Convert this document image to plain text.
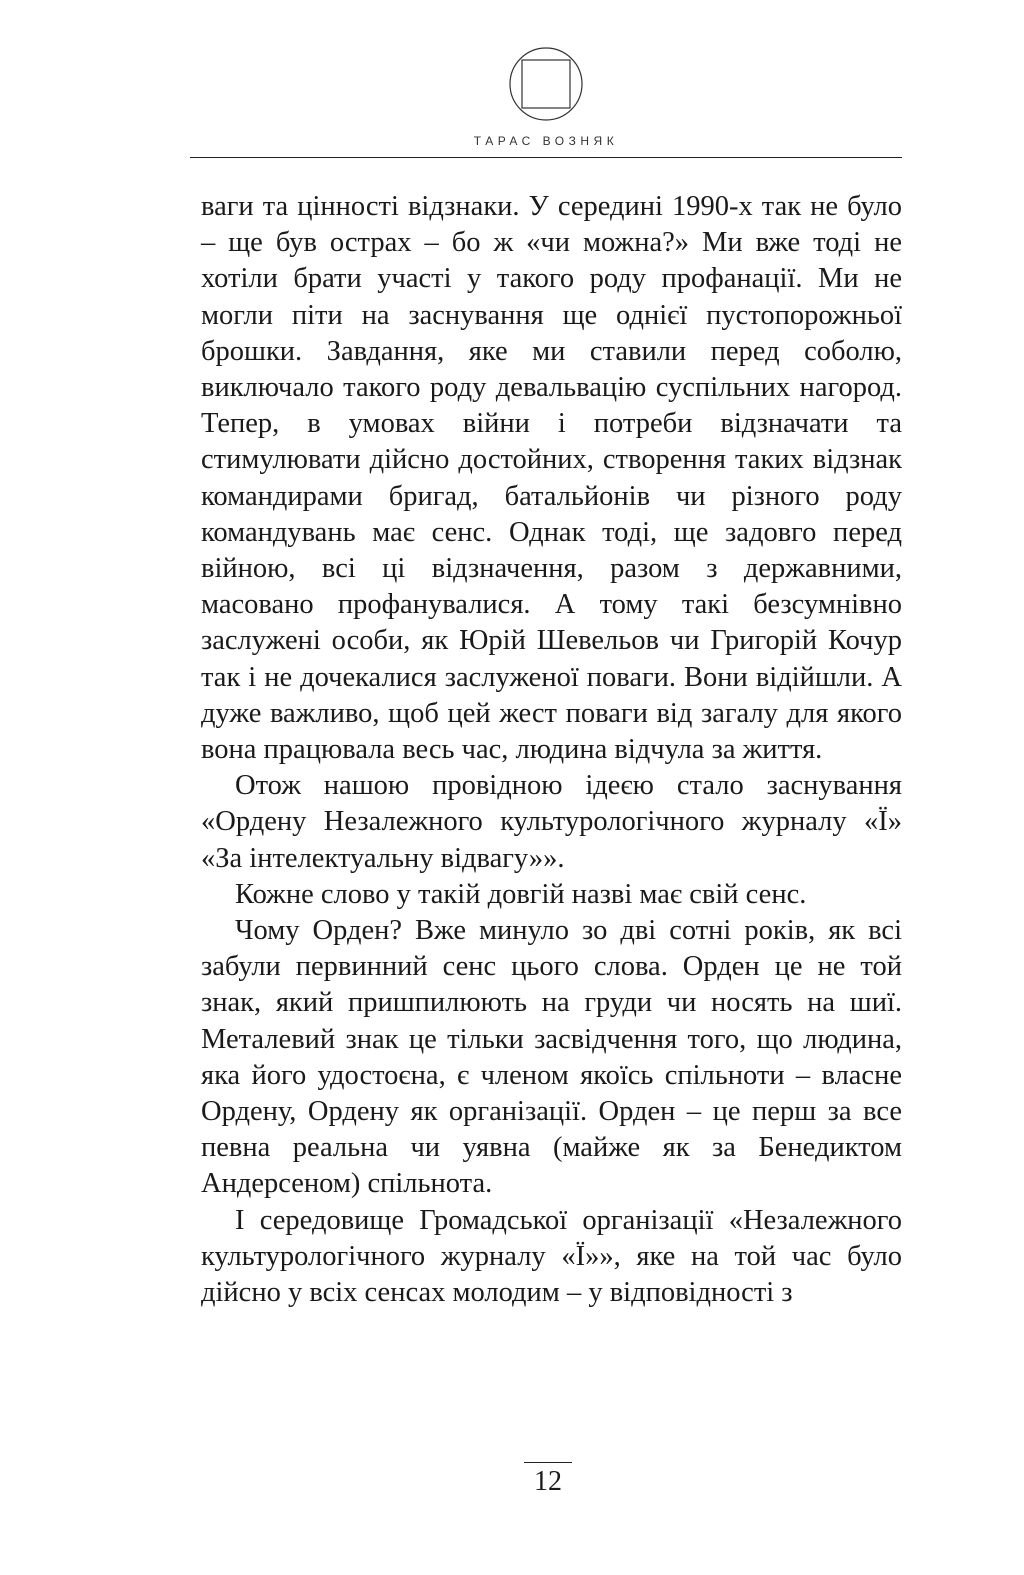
ТАРАС ВОЗНЯК

ваги та цінності відзнаки. У середині 1990-х так не було – ще був острах – бо ж «чи можна?» Ми вже тоді не хотіли брати участі у такого роду профанації. Ми не могли піти на заснування ще однієї пустопорожньої брошки. Завдання, яке ми ставили перед соболю, виключало такого роду девальвацію суспільних нагород. Тепер, в умовах війни і потреби відзначати та стимулювати дійсно достойних, створення таких відзнак командирами бригад, батальйонів чи різного роду командувань має сенс. Однак тоді, ще задовго перед війною, всі ці відзначення, разом з державними, масовано профанувалися. А тому такі безсумнівно заслужені особи, як Юрій Шевельов чи Григорій Кочур так і не дочекалися заслуженої поваги. Вони відійшли. А дуже важливо, щоб цей жест поваги від загалу для якого вона працювала весь час, людина відчула за життя.

Отож нашою провідною ідеєю стало заснування «Ордену Незалежного культурологічного журналу «Ї» «За інтелектуальну відвагу»».

Кожне слово у такій довгій назві має свій сенс.

Чому Орден? Вже минуло зо дві сотні років, як всі забули первинний сенс цього слова. Орден це не той знак, який пришпилюють на груди чи носять на шиї. Металевий знак це тільки засвідчення того, що людина, яка його удостоєна, є членом якоїсь спільноти – власне Ордену, Ордену як організації. Орден – це перш за все певна реальна чи уявна (майже як за Бенедиктом Андерсеном) спільнота.

І середовище Громадської організації «Незалежного культурологічного журналу «Ї»», яке на той час було дійсно у всіх сенсах молодим – у відповідності з

12
